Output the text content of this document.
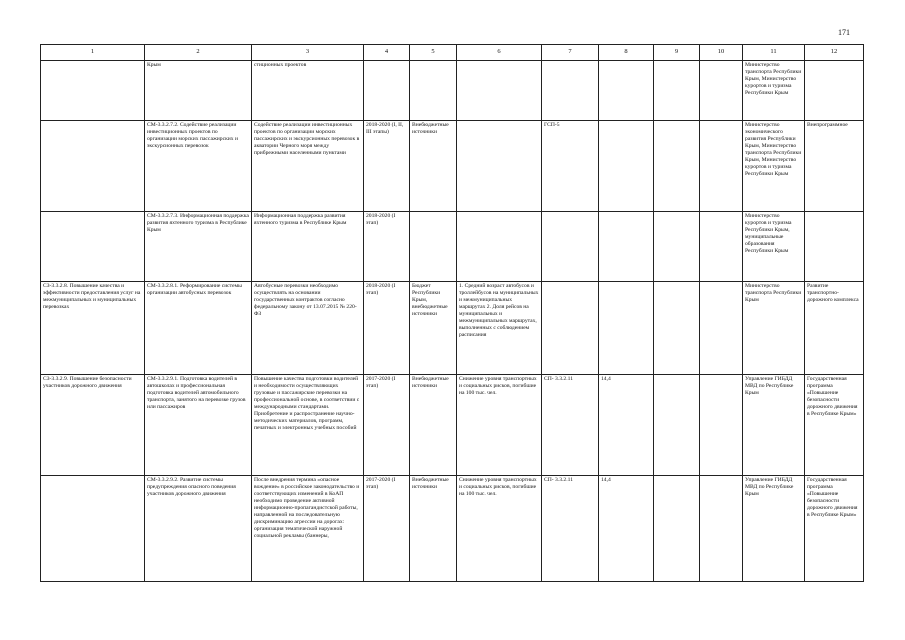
171
1	2	3	4	5	6	7	8	9	10	11	12
	Крым	стиционных проектов								Министерство транспорта Республики Крым, Министерство курортов и туризма Республики Крым	
	СМ-3.3.2.7.2. Содействие реализации инвестиционных проектов по организации морских пассажирских и экскурсионных перевозок	Содействие реализации инвестиционных проектов по организации морских пассажирских и экскурсионных перевозок в акватории Черного моря между прибрежными населенными пунктами	2018-2020 (I, II, III этапы)	Внебюджетные источники		ГСП-5				Министерство экономического развития Республики Крым, Министерство транспорта Республики Крым, Министерство курортов и туризма Республики Крым	Внепрограммное
	СМ-3.3.2.7.3. Информационная поддержка развития яхтенного туризма в Республике Крым	Информационная поддержка развития яхтенного туризма в Республике Крым	2018-2020 (I этап)							Министерство курортов и туризма Республики Крым, муниципальные образования Республики Крым	
СЗ-3.3.2.8. Повышение качества и эффективности предоставления услуг на межмуниципальных и муниципальных перевозках	СМ-3.3.2.8.1. Реформирование системы организации автобусных перевозок	Автобусные перевозки необходимо осуществлять на основании государственных контрактов согласно федеральному закону от 13.07.2015 № 220-ФЗ	2018-2020 (I этап)	Бюджет Республики Крым, внебюджетные источники	1. Средний возраст автобусов и троллейбусов на муниципальных и межмуниципальных маршрутах 2. Доля рейсов на муниципальных и межмуниципальных маршрутах, выполненных с соблюдением расписания					Министерство транспорта Республики Крым	Развитие транспортно-дорожного комплекса
СЗ-3.3.2.9. Повышение безопасности участников дорожного движения	СМ-3.3.2.9.1. Подготовка водителей в автошколах и профессиональная подготовка водителей автомобильного транспорта, занятого на перевозке грузов или пассажиров	Повышение качества подготовки водителей и необходимости осуществляющих грузовые и пассажирские перевозки на профессиональной основе, в соответствии с международными стандартами. Приобретение и распространение научно-методических материалов, программ, печатных и электронных учебных пособий	2017-2020 (I этап)	Внебюджетные источники	Снижение уровня транспортных и социальных рисков, погибшие на 100 тыс. чел.	СП- 3.3.2.11	14,4			Управление ГИБДД МВД по Республике Крым	Государственная программа «Повышение безопасности дорожного движения в Республике Крым»
	СМ-3.3.2.9.2. Развитие системы предупреждения опасного поведения участников дорожного движения	После внедрения термина «опасное вождение» в российское законодательство и соответствующих изменений в КоАП необходимо проведение активной информационно-пропагандистской работы, направленной на последовательную дискриминацию агрессии на дорогах: организация тематической наружной социальной рекламы (баннеры,	2017-2020 (I этап)	Внебюджетные источники	Снижение уровня транспортных и социальных рисков, погибшие на 100 тыс. чел.	СП- 3.3.2.11	14,4			Управление ГИБДД МВД по Республике Крым	Государственная программа «Повышение безопасности дорожного движения в Республике Крым»
